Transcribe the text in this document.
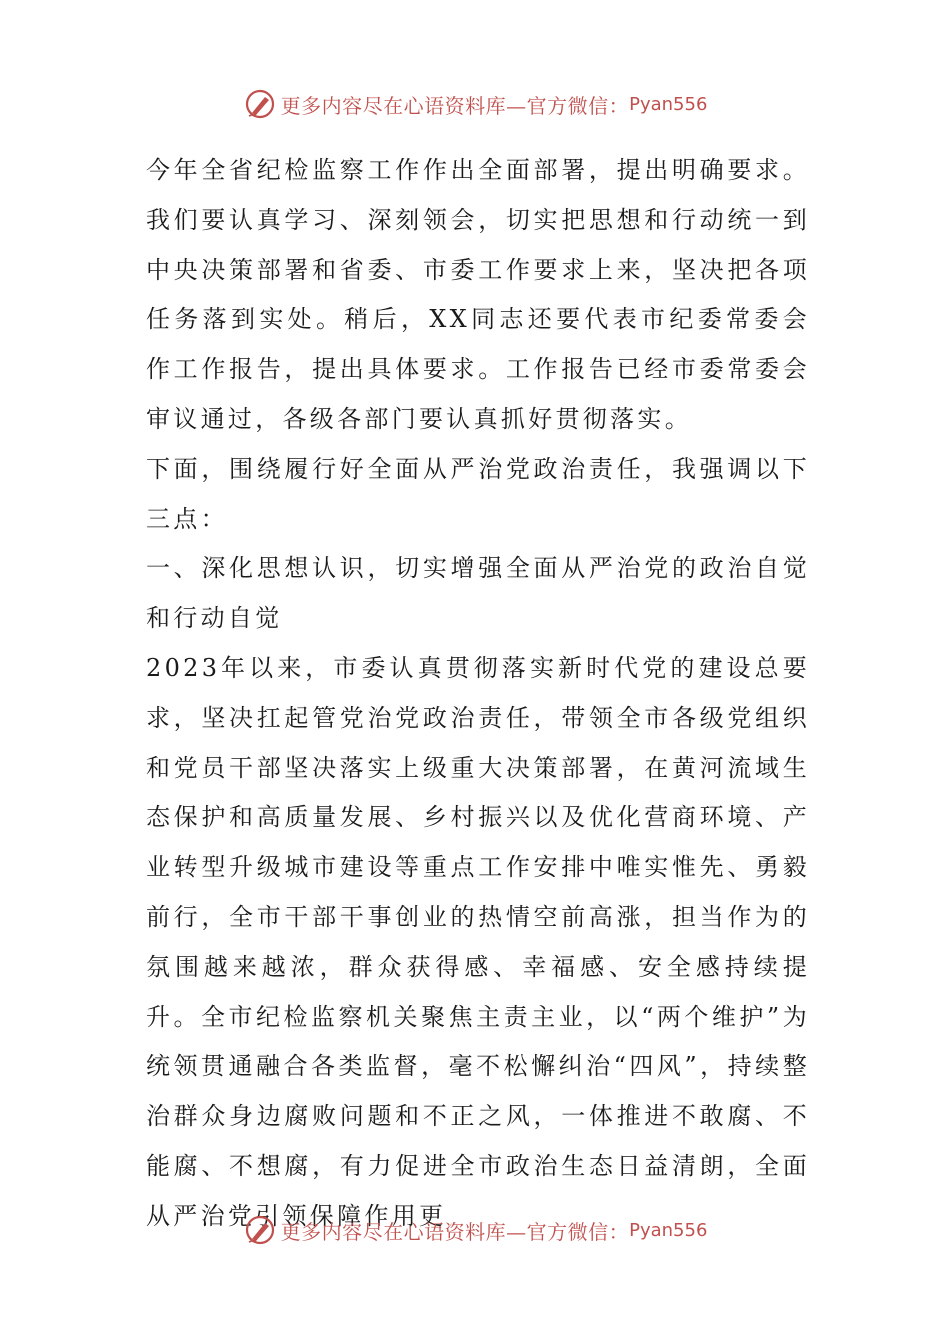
更多内容尽在心语资料库—官方微信： Pyan556

今年全省纪检监察工作作出全面部署，提出明确要求。我们要认真学习、深刻领会，切实把思想和行动统一到中央决策部署和省委、市委工作要求上来，坚决把各项任务落到实处。稍后，XX同志还要代表市纪委常委会作工作报告，提出具体要求。工作报告已经市委常委会审议通过，各级各部门要认真抓好贯彻落实。

下面，围绕履行好全面从严治党政治责任，我强调以下三点：

一、深化思想认识，切实增强全面从严治党的政治自觉和行动自觉

2023年以来，市委认真贯彻落实新时代党的建设总要求，坚决扛起管党治党政治责任，带领全市各级党组织和党员干部坚决落实上级重大决策部署，在黄河流域生态保护和高质量发展、乡村振兴以及优化营商环境、产业转型升级城市建设等重点工作安排中唯实惟先、勇毅前行，全市干部干事创业的热情空前高涨，担当作为的氛围越来越浓，群众获得感、幸福感、安全感持续提升。全市纪检监察机关聚焦主责主业，以“两个维护”为统领贯通融合各类监督，毫不松懈纠治“四风”，持续整治群众身边腐败问题和不正之风，一体推进不敢腐、不能腐、不想腐，有力促进全市政治生态日益清朗，全面从严治党引领保障作用更

更多内容尽在心语资料库—官方微信： Pyan556
